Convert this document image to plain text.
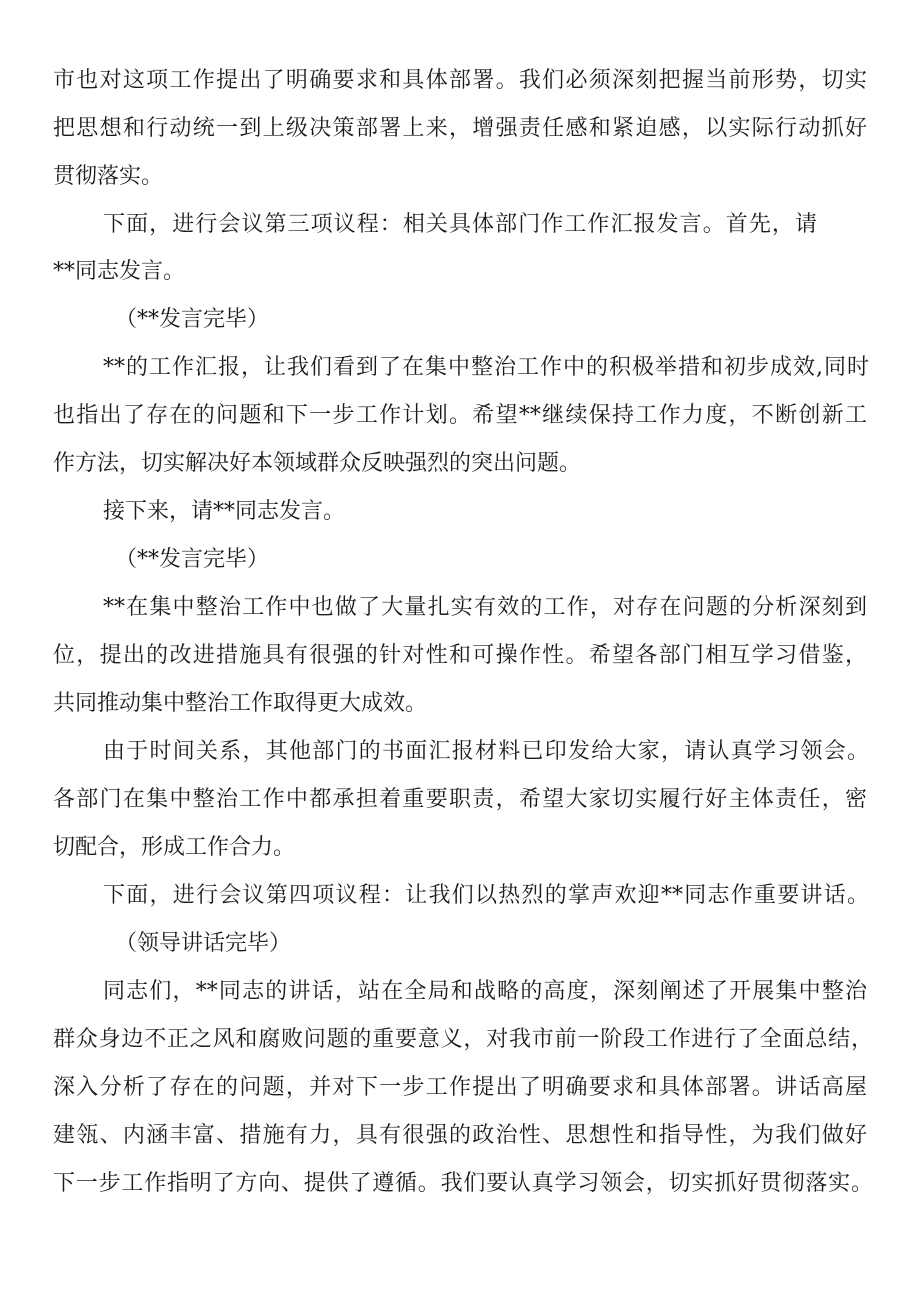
市也对这项工作提出了明确要求和具体部署。我们必须深刻把握当前形势，切实
把思想和行动统一到上级决策部署上来，增强责任感和紧迫感，以实际行动抓好
贯彻落实。
下面，进行会议第三项议程：相关具体部门作工作汇报发言。首先，请
**同志发言。
（**发言完毕）
**的工作汇报，让我们看到了在集中整治工作中的积极举措和初步成效,同时
也指出了存在的问题和下一步工作计划。希望**继续保持工作力度，不断创新工
作方法，切实解决好本领域群众反映强烈的突出问题。
接下来，请**同志发言。
（**发言完毕）
**在集中整治工作中也做了大量扎实有效的工作，对存在问题的分析深刻到
位，提出的改进措施具有很强的针对性和可操作性。希望各部门相互学习借鉴，
共同推动集中整治工作取得更大成效。
由于时间关系，其他部门的书面汇报材料已印发给大家，请认真学习领会。
各部门在集中整治工作中都承担着重要职责，希望大家切实履行好主体责任，密
切配合，形成工作合力。
下面，进行会议第四项议程：让我们以热烈的掌声欢迎**同志作重要讲话。
（领导讲话完毕）
同志们，**同志的讲话，站在全局和战略的高度，深刻阐述了开展集中整治
群众身边不正之风和腐败问题的重要意义，对我市前一阶段工作进行了全面总结，
深入分析了存在的问题，并对下一步工作提出了明确要求和具体部署。讲话高屋
建瓴、内涵丰富、措施有力，具有很强的政治性、思想性和指导性，为我们做好
下一步工作指明了方向、提供了遵循。我们要认真学习领会，切实抓好贯彻落实。
